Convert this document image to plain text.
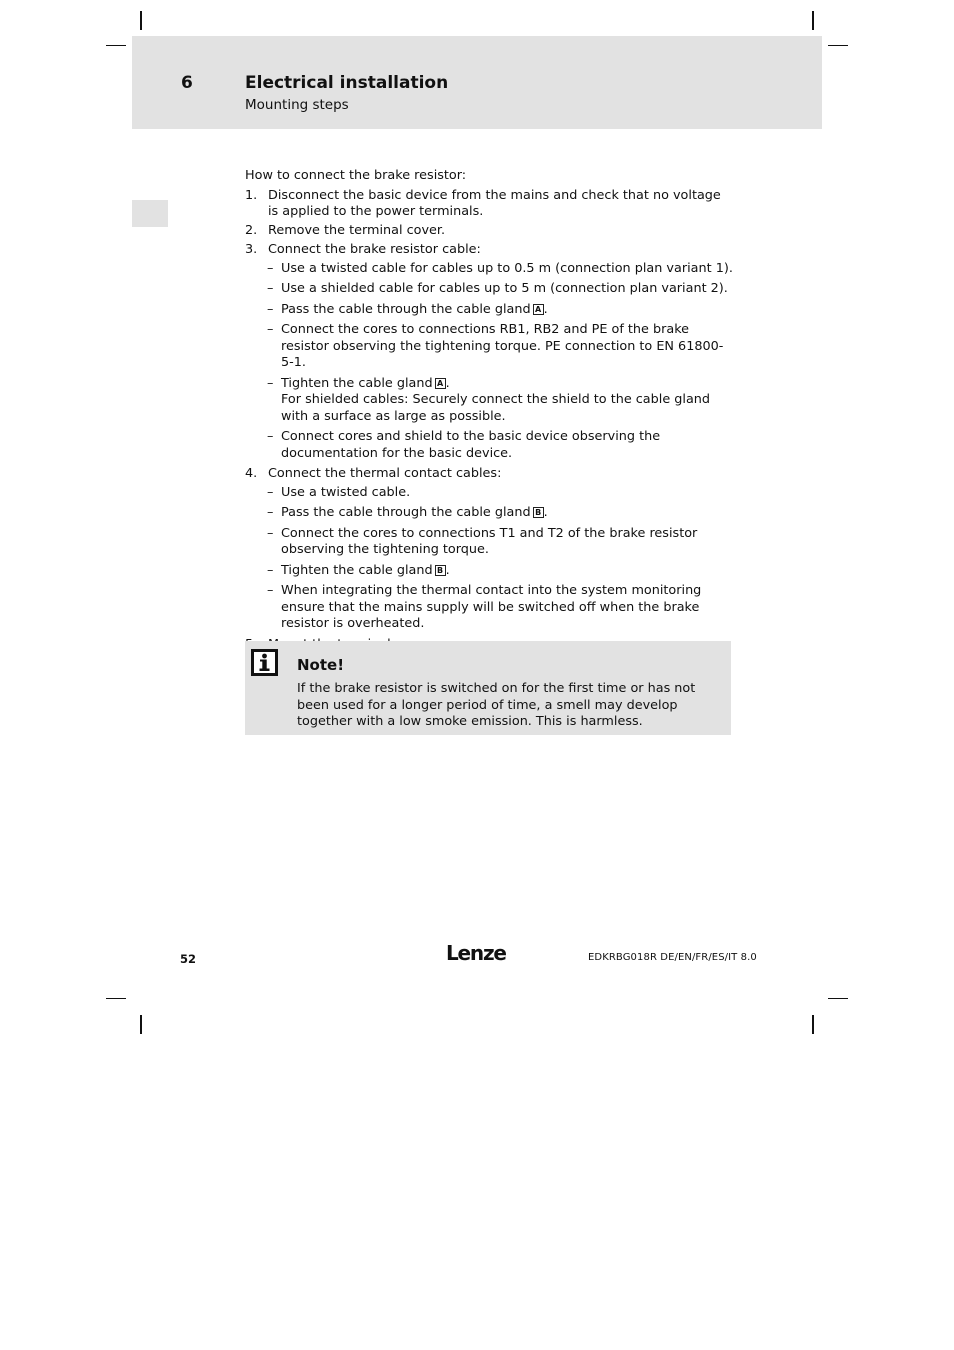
6	Electrical installation
Mounting steps

How to connect the brake resistor:

1. Disconnect the basic device from the mains and check that no voltage is applied to the power terminals.
2. Remove the terminal cover.
3. Connect the brake resistor cable:
– Use a twisted cable for cables up to 0.5 m (connection plan variant 1).
– Use a shielded cable for cables up to 5 m (connection plan variant 2).
– Pass the cable through the cable gland A .
– Connect the cores to connections RB1, RB2 and PE of the brake resistor observing the tightening torque. PE connection to EN 61800-5-1.
– Tighten the cable gland A .
For shielded cables: Securely connect the shield to the cable gland with a surface as large as possible.
– Connect cores and shield to the basic device observing the documentation for the basic device.
4. Connect the thermal contact cables:
– Use a twisted cable.
– Pass the cable through the cable gland B .
– Connect the cores to connections T1 and T2 of the brake resistor observing the tightening torque.
– Tighten the cable gland B .
– When integrating the thermal contact into the system monitoring ensure that the mains supply will be switched off when the brake resistor is overheated.
Note!
If the brake resistor is switched on for the first time or has not been used for a longer period of time, a smell may develop together with a low smoke emission. This is harmless.
52	Lenze	EDKRBG018R DE/EN/FR/ES/IT 8.0
